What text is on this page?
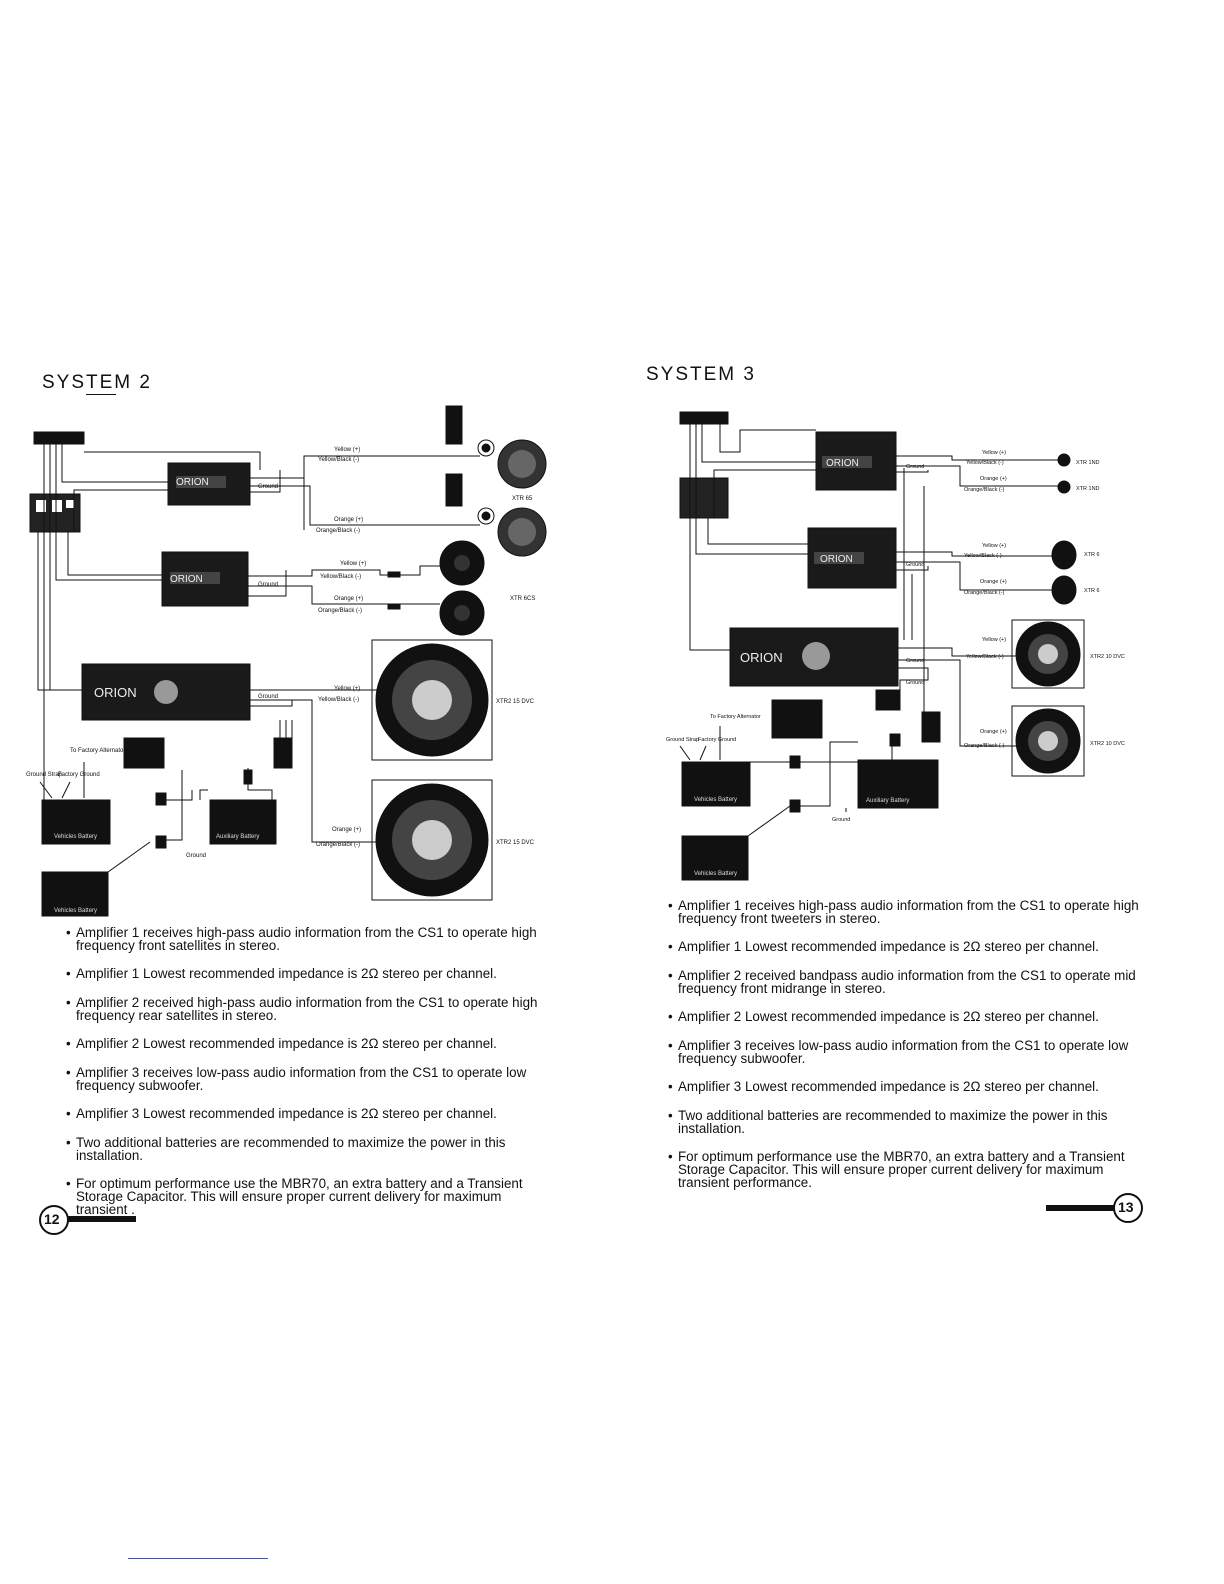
SYSTEM 2
Yellow (+)
Yellow/Black (-)
Orange (+)
Orange/Black (-)
Ground
XTR 65
Yellow (+)
Yellow/Black (-)
Orange (+)
Orange/Black (-)
Ground
XTR 6CS
Yellow (+)
Yellow/Black (-)
Ground
XTR2 15 DVC
Orange (+)
Orange/Black (-)	XTR2 15 DVC
To Factory Alternator
Ground Strap
Factory Ground
Ground
Vehicles Battery	Auxiliary Battery
Vehicles Battery
ORION
ORION
ORION
Yellow (+)
Yellow/Black (-)
Orange (+)
Orange/Black (-)
Ground
XTR 1ND
XTR 1ND
Yellow (+)
Yellow/Black (-)
Orange (+)
Orange/Black (-)
Ground
XTR 6
XTR 6
Yellow (+)
Yellow/Black (-)
Ground
Ground
XTR2 10 DVC
Orange (+)
Orange/Black (-)	XTR2 10 DVC
To Factory Alternator
Ground Strap
Factory Ground
Ground
Vehicles Battery	Auxiliary Battery
Vehicles Battery
ORION
ORION
ORION
12
13

• Amplifier 1 receives high-pass audio information from the CS1 to operate high frequency front satellites in stereo.

• Amplifier 1 Lowest recommended impedance is 2Ω stereo per channel.

• Amplifier 2 received high-pass audio information from the CS1 to operate high frequency rear satellites in stereo.

• Amplifier 2 Lowest recommended impedance is 2Ω stereo per channel.

• Amplifier 3 receives low-pass audio information from the CS1 to operate low frequency subwoofer.

• Amplifier 3 Lowest recommended impedance is 2Ω stereo per channel.

• Two additional batteries are recommended to maximize the power in this installation.

• For optimum performance use the MBR70, an extra battery and a Transient Storage Capacitor. This will ensure proper current delivery for maximum transient .

SYSTEM 3

• Amplifier 1 receives high-pass audio information from the CS1 to operate high frequency front tweeters in stereo.

• Amplifier 1 Lowest recommended impedance is 2Ω stereo per channel.

• Amplifier 2 received bandpass audio information from the CS1 to operate mid frequency front midrange in stereo.

• Amplifier 2 Lowest recommended impedance is 2Ω stereo per channel.

• Amplifier 3 receives low-pass audio information from the CS1 to operate low frequency subwoofer.

• Amplifier 3 Lowest recommended impedance is 2Ω stereo per channel.

• Two additional batteries are recommended to maximize the power in this installation.

• For optimum performance use the MBR70, an extra battery and a Transient Storage Capacitor. This will ensure proper current delivery for maximum transient performance.
